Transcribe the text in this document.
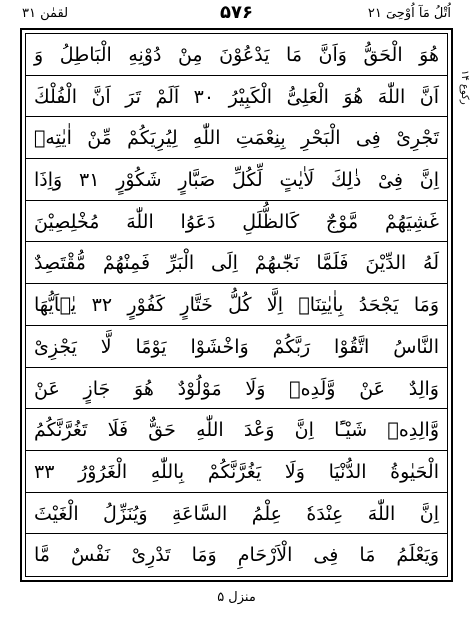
لقمٰن ۳۱	۵۷۶	اُتْلُ مَآ اُوْحِیَ ۲۱
هُوَ الْحَقُّ وَاَنَّ مَا یَدْعُوْنَ مِنْ دُوْنِهِ الْبَاطِلُ وَ
اَنَّ اللّٰهَ هُوَ الْعَلِیُّ الْكَبِیْرُ ۳۰ اَلَمْ تَرَ اَنَّ الْفُلْكَ
تَجْرِیْ فِی الْبَحْرِ بِنِعْمَتِ اللّٰهِ لِیُرِیَكُمْ مِّنْ اٰیٰتِهٖ
اِنَّ فِیْ ذٰلِكَ لَاٰیٰتٍ لِّكُلِّ صَبَّارٍ شَكُوْرٍ ۳۱ وَاِذَا
غَشِیَهُمْ مَّوْجٌ كَالظُّلَلِ دَعَوُا اللّٰهَ مُخْلِصِیْنَ
لَهُ الدِّیْنَ فَلَمَّا نَجّٰىهُمْ اِلَی الْبَرِّ فَمِنْهُمْ مُّقْتَصِدٌ
وَمَا یَجْحَدُ بِاٰیٰتِنَاۤ اِلَّا كُلُّ خَتَّارٍ كَفُوْرٍ ۳۲ یٰۤاَیُّهَا
النَّاسُ اتَّقُوْا رَبَّكُمْ وَاخْشَوْا یَوْمًا لَّا یَجْزِیْ
وَالِدٌ عَنْ وَّلَدِهٖ وَلَا مَوْلُوْدٌ هُوَ جَازٍ عَنْ
وَّالِدِهٖ شَیْـًٔا اِنَّ وَعْدَ اللّٰهِ حَقٌّ فَلَا تَغُرَّنَّكُمُ
الْحَیٰوةُ الدُّنْیَا وَلَا یَغُرَّنَّكُمْ بِاللّٰهِ الْغَرُوْرُ ۳۳
اِنَّ اللّٰهَ عِنْدَهٗ عِلْمُ السَّاعَةِ وَیُنَزِّلُ الْغَیْثَ
وَیَعْلَمُ مَا فِی الْاَرْحَامِ وَمَا تَدْرِیْ نَفْسٌ مَّا
رکوع ۱۴
منزل ۵
